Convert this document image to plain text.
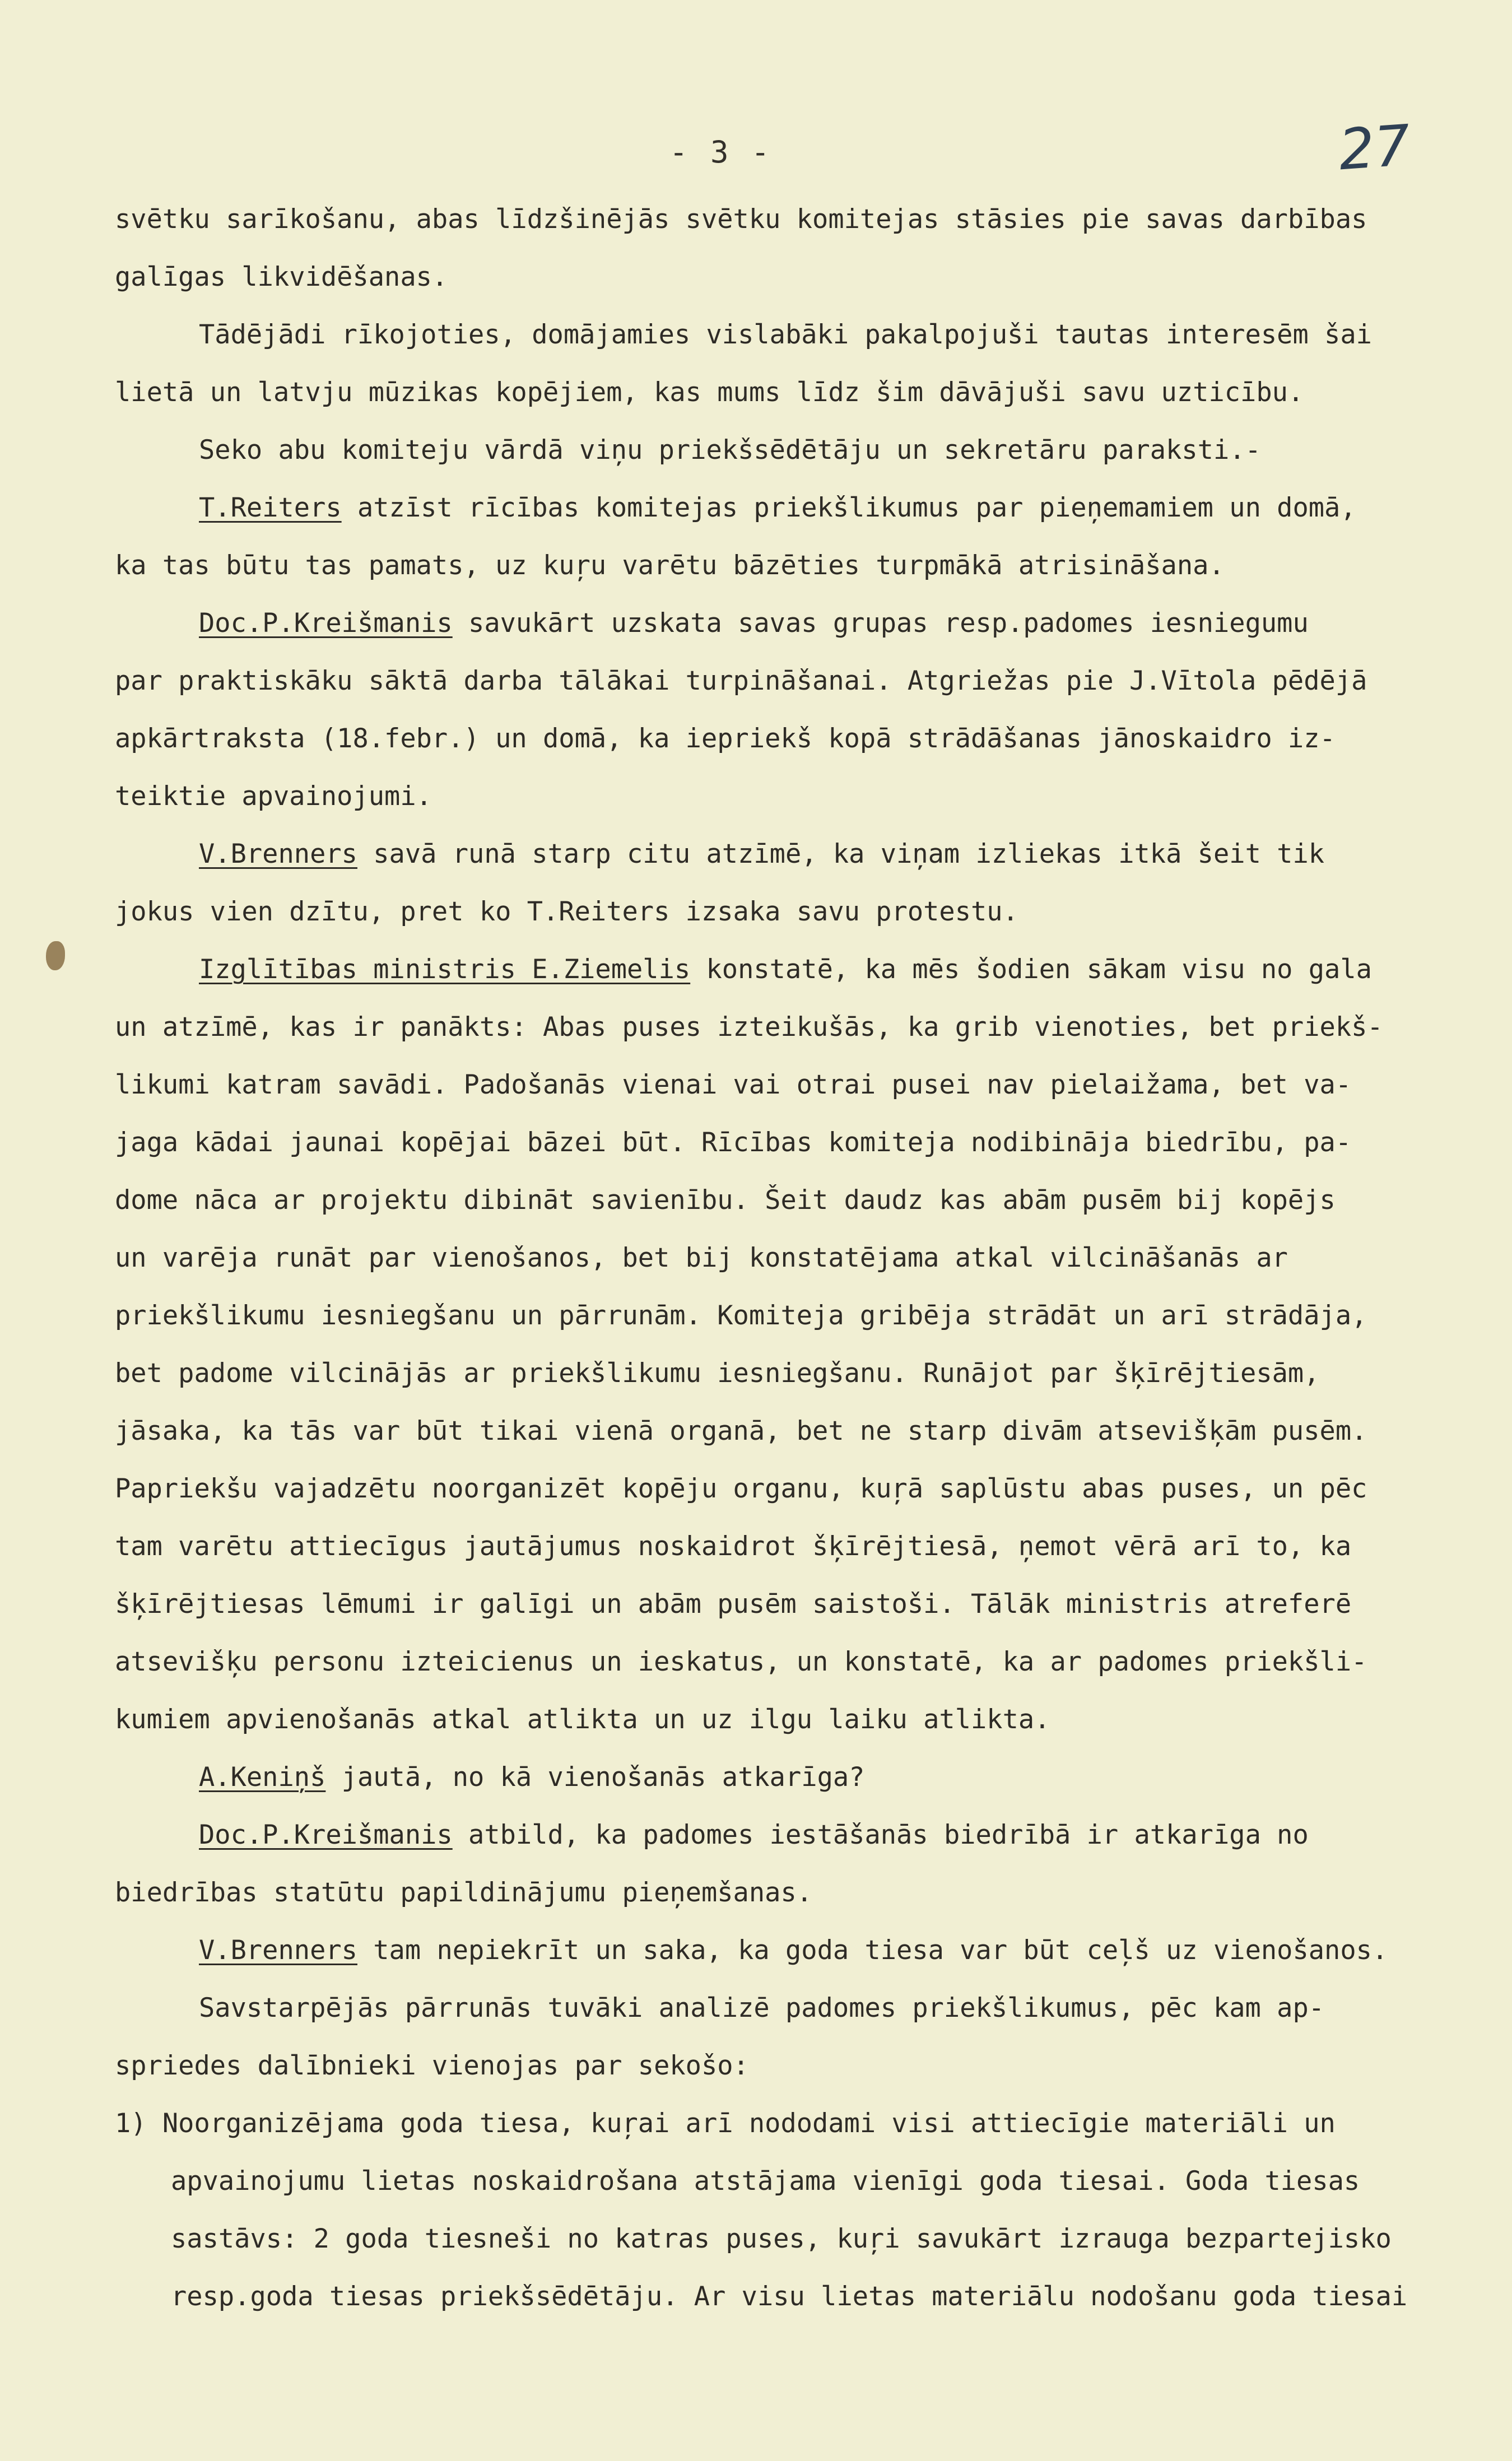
- 3 -	27
svētku sarīkošanu, abas līdzšinējās svētku komitejas stāsies pie savas darbības
galīgas likvidēšanas.
Tādējādi rīkojoties, domājamies vislabāki pakalpojuši tautas interesēm šai
lietā un latvju mūzikas kopējiem, kas mums līdz šim dāvājuši savu uzticību.
Seko abu komiteju vārdā viņu priekšsēdētāju un sekretāru paraksti.-
T.Reiters atzīst rīcības komitejas priekšlikumus par pieņemamiem un domā,
ka tas būtu tas pamats, uz kuŗu varētu bāzēties turpmākā atrisināšana.
Doc.P.Kreišmanis savukārt uzskata savas grupas resp.padomes iesniegumu
par praktiskāku sāktā darba tālākai turpināšanai. Atgriežas pie J.Vītola pēdējā
apkārtraksta (18.febr.) un domā, ka iepriekš kopā strādāšanas jānoskaidro iz-
teiktie apvainojumi.
V.Brenners savā runā starp citu atzīmē, ka viņam izliekas itkā šeit tik
jokus vien dzītu, pret ko T.Reiters izsaka savu protestu.
Izglītības ministris E.Ziemelis konstatē, ka mēs šodien sākam visu no gala
un atzīmē, kas ir panākts: Abas puses izteikušās, ka grib vienoties, bet priekš-
likumi katram savādi. Padošanās vienai vai otrai pusei nav pielaižama, bet va-
jaga kādai jaunai kopējai bāzei būt. Rīcības komiteja nodibināja biedrību, pa-
dome nāca ar projektu dibināt savienību. Šeit daudz kas abām pusēm bij kopējs
un varēja runāt par vienošanos, bet bij konstatējama atkal vilcināšanās ar
priekšlikumu iesniegšanu un pārrunām. Komiteja gribēja strādāt un arī strādāja,
bet padome vilcinājās ar priekšlikumu iesniegšanu. Runājot par šķīrējtiesām,
jāsaka, ka tās var būt tikai vienā organā, bet ne starp divām atsevišķām pusēm.
Papriekšu vajadzētu noorganizēt kopēju organu, kuŗā saplūstu abas puses, un pēc
tam varētu attiecīgus jautājumus noskaidrot šķīrējtiesā, ņemot vērā arī to, ka
šķīrējtiesas lēmumi ir galīgi un abām pusēm saistoši. Tālāk ministris atreferē
atsevišķu personu izteicienus un ieskatus, un konstatē, ka ar padomes priekšli-
kumiem apvienošanās atkal atlikta un uz ilgu laiku atlikta.
A.Keniņš jautā, no kā vienošanās atkarīga?
Doc.P.Kreišmanis atbild, ka padomes iestāšanās biedrībā ir atkarīga no
biedrības statūtu papildinājumu pieņemšanas.
V.Brenners tam nepiekrīt un saka, ka goda tiesa var būt ceļš uz vienošanos.
Savstarpējās pārrunās tuvāki analizē padomes priekšlikumus, pēc kam ap-
spriedes dalībnieki vienojas par sekošo:
1) Noorganizējama goda tiesa, kuŗai arī nododami visi attiecīgie materiāli un
apvainojumu lietas noskaidrošana atstājama vienīgi goda tiesai. Goda tiesas
sastāvs: 2 goda tiesneši no katras puses, kuŗi savukārt izrauga bezpartejisko
resp.goda tiesas priekšsēdētāju. Ar visu lietas materiālu nodošanu goda tiesai
